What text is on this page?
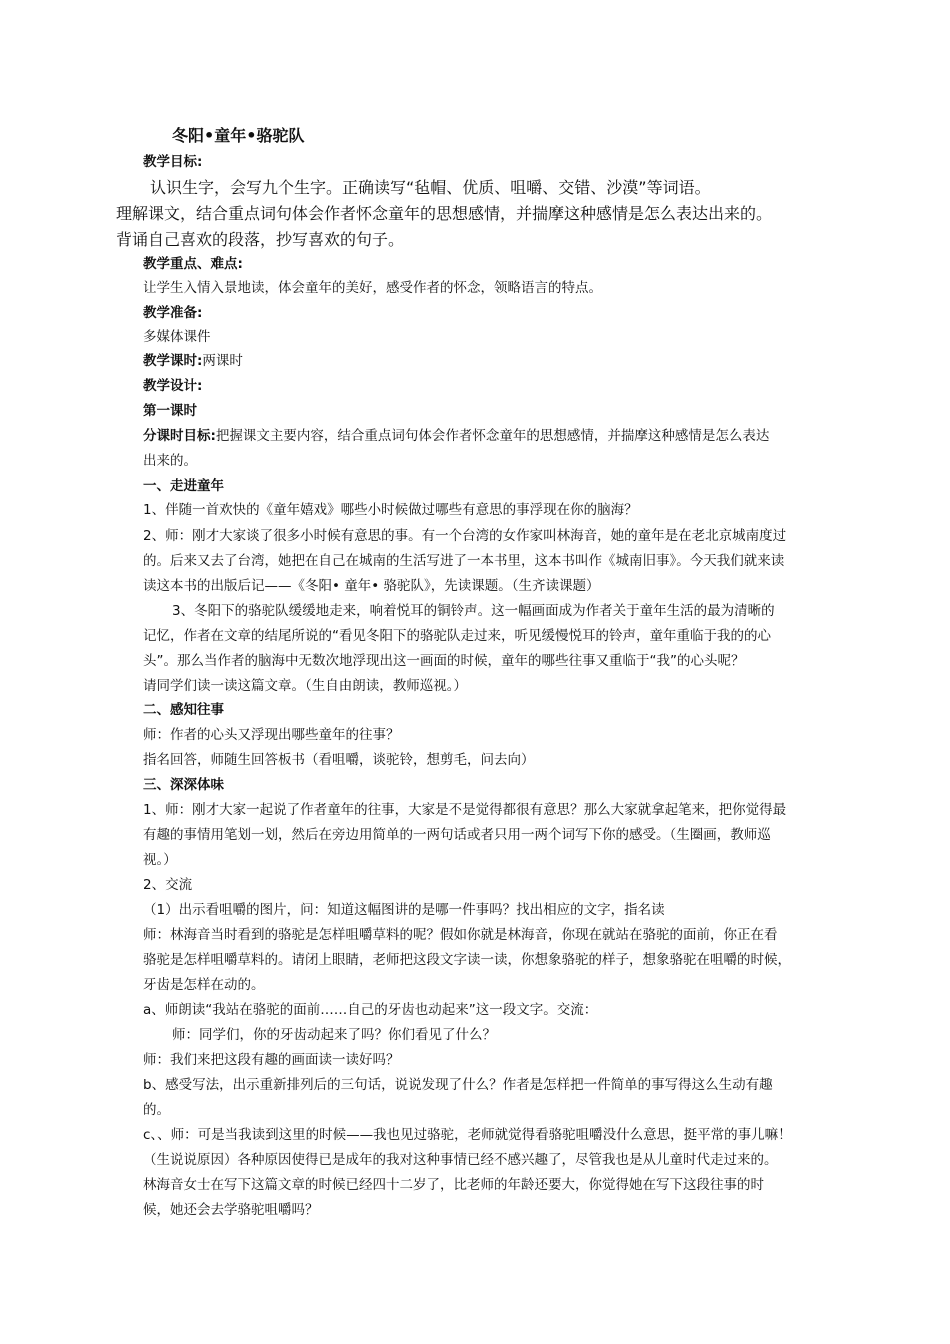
冬阳•童年•骆驼队
教学目标:
认识生字，会写九个生字。正确读写“毡帽、优质、咀嚼、交错、沙漠”等词语。
理解课文，结合重点词句体会作者怀念童年的思想感情，并揣摩这种感情是怎么表达出来的。
背诵自己喜欢的段落，抄写喜欢的句子。
教学重点、难点:
让学生入情入景地读，体会童年的美好，感受作者的怀念，领略语言的特点。
教学准备:
多媒体课件
教学课时:两课时
教学设计:
第一课时
分课时目标:把握课文主要内容，结合重点词句体会作者怀念童年的思想感情，并揣摩这种感情是怎么表达
出来的。
一、走进童年
1、伴随一首欢快的《童年嬉戏》哪些小时候做过哪些有意思的事浮现在你的脑海？
2、师：刚才大家谈了很多小时候有意思的事。有一个台湾的女作家叫林海音，她的童年是在老北京城南度过
的。后来又去了台湾，她把在自己在城南的生活写进了一本书里，这本书叫作《城南旧事》。今天我们就来读
读这本书的出版后记——《冬阳• 童年• 骆驼队》，先读课题。（生齐读课题）
3、冬阳下的骆驼队缓缓地走来，响着悦耳的铜铃声。这一幅画面成为作者关于童年生活的最为清晰的
记忆，作者在文章的结尾所说的“看见冬阳下的骆驼队走过来，听见缓慢悦耳的铃声，童年重临于我的的心
头”。那么当作者的脑海中无数次地浮现出这一画面的时候，童年的哪些往事又重临于“我”的心头呢？
请同学们读一读这篇文章。（生自由朗读，教师巡视。）
二、感知往事
师：作者的心头又浮现出哪些童年的往事？
指名回答，师随生回答板书（看咀嚼，谈驼铃，想剪毛，问去向）
三、深深体味
1、师：刚才大家一起说了作者童年的往事，大家是不是觉得都很有意思？那么大家就拿起笔来，把你觉得最
有趣的事情用笔划一划，然后在旁边用简单的一两句话或者只用一两个词写下你的感受。（生圈画，教师巡
视。）
2、交流
（1）出示看咀嚼的图片，问：知道这幅图讲的是哪一件事吗？找出相应的文字，指名读
师：林海音当时看到的骆驼是怎样咀嚼草料的呢？假如你就是林海音，你现在就站在骆驼的面前，你正在看
骆驼是怎样咀嚼草料的。请闭上眼睛，老师把这段文字读一读，你想象骆驼的样子，想象骆驼在咀嚼的时候，
牙齿是怎样在动的。
a、师朗读“我站在骆驼的面前……自己的牙齿也动起来”这一段文字。交流：
师：同学们，你的牙齿动起来了吗？你们看见了什么？
师：我们来把这段有趣的画面读一读好吗？
b、感受写法，出示重新排列后的三句话，说说发现了什么？作者是怎样把一件简单的事写得这么生动有趣
的。
c、、师：可是当我读到这里的时候——我也见过骆驼，老师就觉得看骆驼咀嚼没什么意思，挺平常的事儿嘛！
（生说说原因）各种原因使得已是成年的我对这种事情已经不感兴趣了，尽管我也是从儿童时代走过来的。
林海音女士在写下这篇文章的时候已经四十二岁了，比老师的年龄还要大，你觉得她在写下这段往事的时
候，她还会去学骆驼咀嚼吗？
